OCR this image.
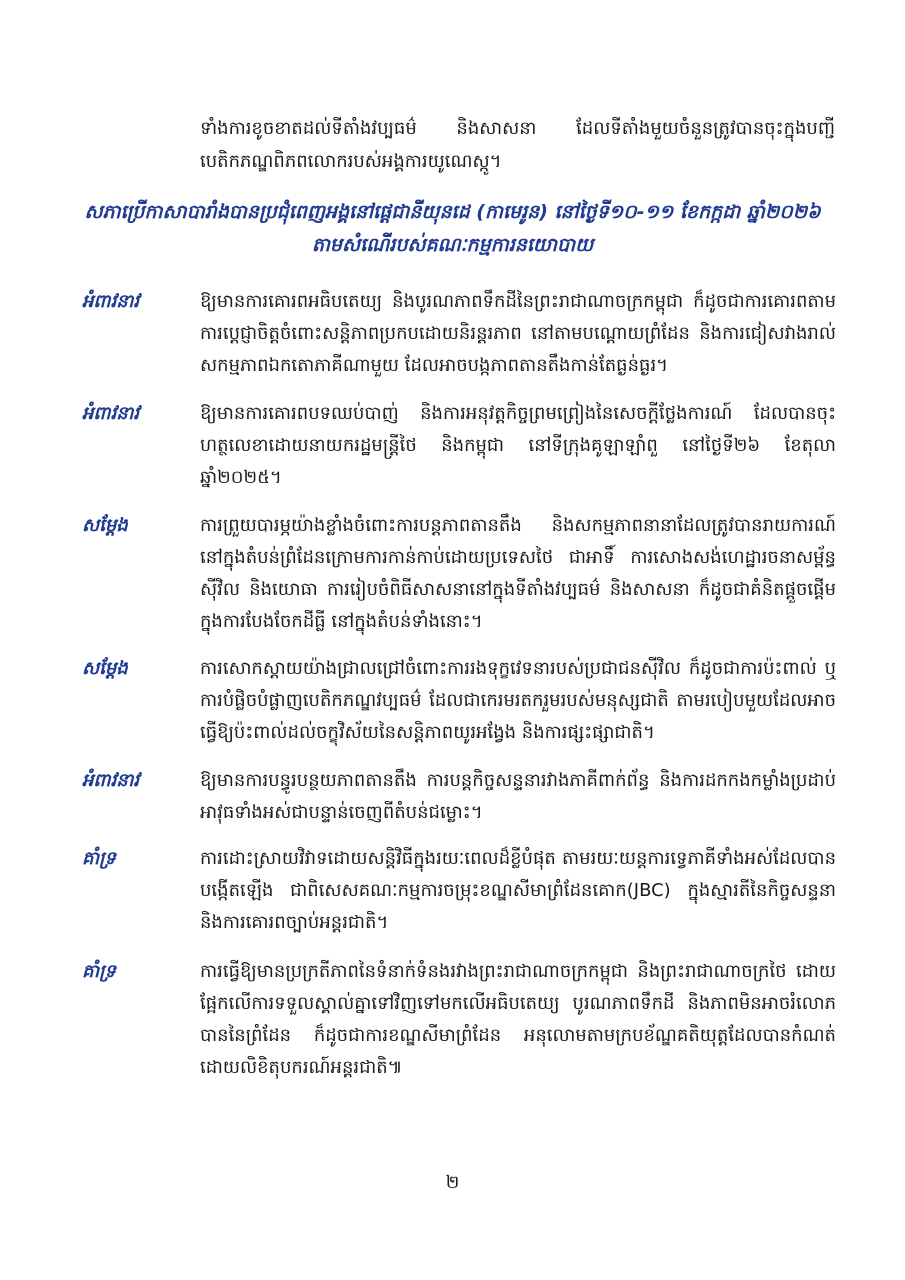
ទាំងការខូចខាតដល់ទីតាំងវប្បធម៌ និងសាសនា ដែលទីតាំងមួយចំនួនត្រូវបានចុះក្នុងបញ្ជីបេតិកភណ្ឌពិភពលោករបស់អង្គការយូណេស្កូ។
សភាប្រើកាសាបារាំងបានប្រជុំពេញអង្គនៅផ្ដេជានីយុនដេ (កាមេរូន) នៅថ្ងៃទី១០-១១ ខែកក្កដា ឆ្នាំ២០២៦
តាមសំណើរបស់គណៈកម្មការនយោបាយ
អំពាវនាវ	ឱ្យមានការគោរពអធិបតេយ្យ និងបូរណភាពទឹកដីនៃព្រះរាជាណាចក្រកម្ពុជា ក៏ដូចជាការគោរពតាមការប្ដេជ្ញាចិត្តចំពោះសន្តិភាពប្រកបដោយនិរន្តរភាព នៅតាមបណ្ដោយព្រំដែន និងការជៀសវាងរាល់សកម្មភាពឯកតោភាគីណាមួយ ដែលអាចបង្កភាពតានតឹងកាន់តែធ្ងន់ធ្ងរ។
អំពាវនាវ	ឱ្យមានការគោរពបទឈប់បាញ់ និងការអនុវត្តកិច្ចព្រមព្រៀងនៃសេចក្ដីថ្លែងការណ៍ ដែលបានចុះហត្ថលេខាដោយនាយករដ្ឋមន្ត្រីថៃ និងកម្ពុជា នៅទីក្រុងគូឡាឡាំពួ នៅថ្ងៃទី២៦ ខែតុលា ឆ្នាំ២០២៥។
សម្ដែង	ការព្រួយបារម្ភយ៉ាងខ្លាំងចំពោះការបន្តភាពតានតឹង និងសកម្មភាពនានាដែលត្រូវបានរាយការណ៍ នៅក្នុងតំបន់ព្រំដែនក្រោមការកាន់កាប់ដោយប្រទេសថៃ ជាអាទិ៍ ការសោងសង់ហេដ្ឋារចនាសម្ព័ន្ធស៊ីវិល និងយោធា ការរៀបចំពិធីសាសនានៅក្នុងទីតាំងវប្បធម៌ និងសាសនា ក៏ដូចជាគំនិតផ្ដួចផ្ដើមក្នុងការបែងចែកដីធ្លី នៅក្នុងតំបន់ទាំងនោះ។
សម្ដែង	ការសោកស្ដាយយ៉ាងជ្រាលជ្រៅចំពោះការរងទុក្ខវេទនារបស់ប្រជាជនស៊ីវិល ក៏ដូចជាការប៉ះពាល់ ឬការបំផ្លិចបំផ្លាញបេតិកភណ្ឌវប្បធម៌ ដែលជាកេរមរតករួមរបស់មនុស្សជាតិ តាមរបៀបមួយដែលអាចធ្វើឱ្យប៉ះពាល់ដល់ចក្ខុវិស័យនៃសន្តិភាពយូរអង្វែង និងការផ្សះផ្សាជាតិ។
អំពាវនាវ	ឱ្យមានការបន្ធូរបន្ថយភាពតានតឹង ការបន្តកិច្ចសន្ទនារវាងភាគីពាក់ព័ន្ធ និងការដកកងកម្លាំងប្រដាប់អាវុធទាំងអស់ជាបន្ទាន់ចេញពីតំបន់ជម្លោះ។
គាំទ្រ	ការដោះស្រាយវិវាទដោយសន្តិវិធីក្នុងរយៈពេលដ៏ខ្លីបំផុត តាមរយៈយន្តការទ្វេភាគីទាំងអស់ដែលបានបង្កើតឡើង ជាពិសេសគណៈកម្មការចម្រុះខណ្ឌសីមាព្រំដែនគោក(JBC) ក្នុងស្មារតីនៃកិច្ចសន្ទនា និងការគោរពច្បាប់អន្តរជាតិ។
គាំទ្រ	ការធ្វើឱ្យមានប្រក្រតីភាពនៃទំនាក់ទំនងរវាងព្រះរាជាណាចក្រកម្ពុជា និងព្រះរាជាណាចក្រថៃ ដោយផ្អែកលើការទទួលស្គាល់គ្នាទៅវិញទៅមកលើអធិបតេយ្យ បូរណភាពទឹកដី និងភាពមិនអាចរំលោភបាននៃព្រំដែន ក៏ដូចជាការខណ្ឌសីមាព្រំដែន អនុលោមតាមក្របខ័ណ្ឌគតិយុត្តដែលបានកំណត់ដោយលិខិតុបករណ៍អន្តរជាតិ៕
២
